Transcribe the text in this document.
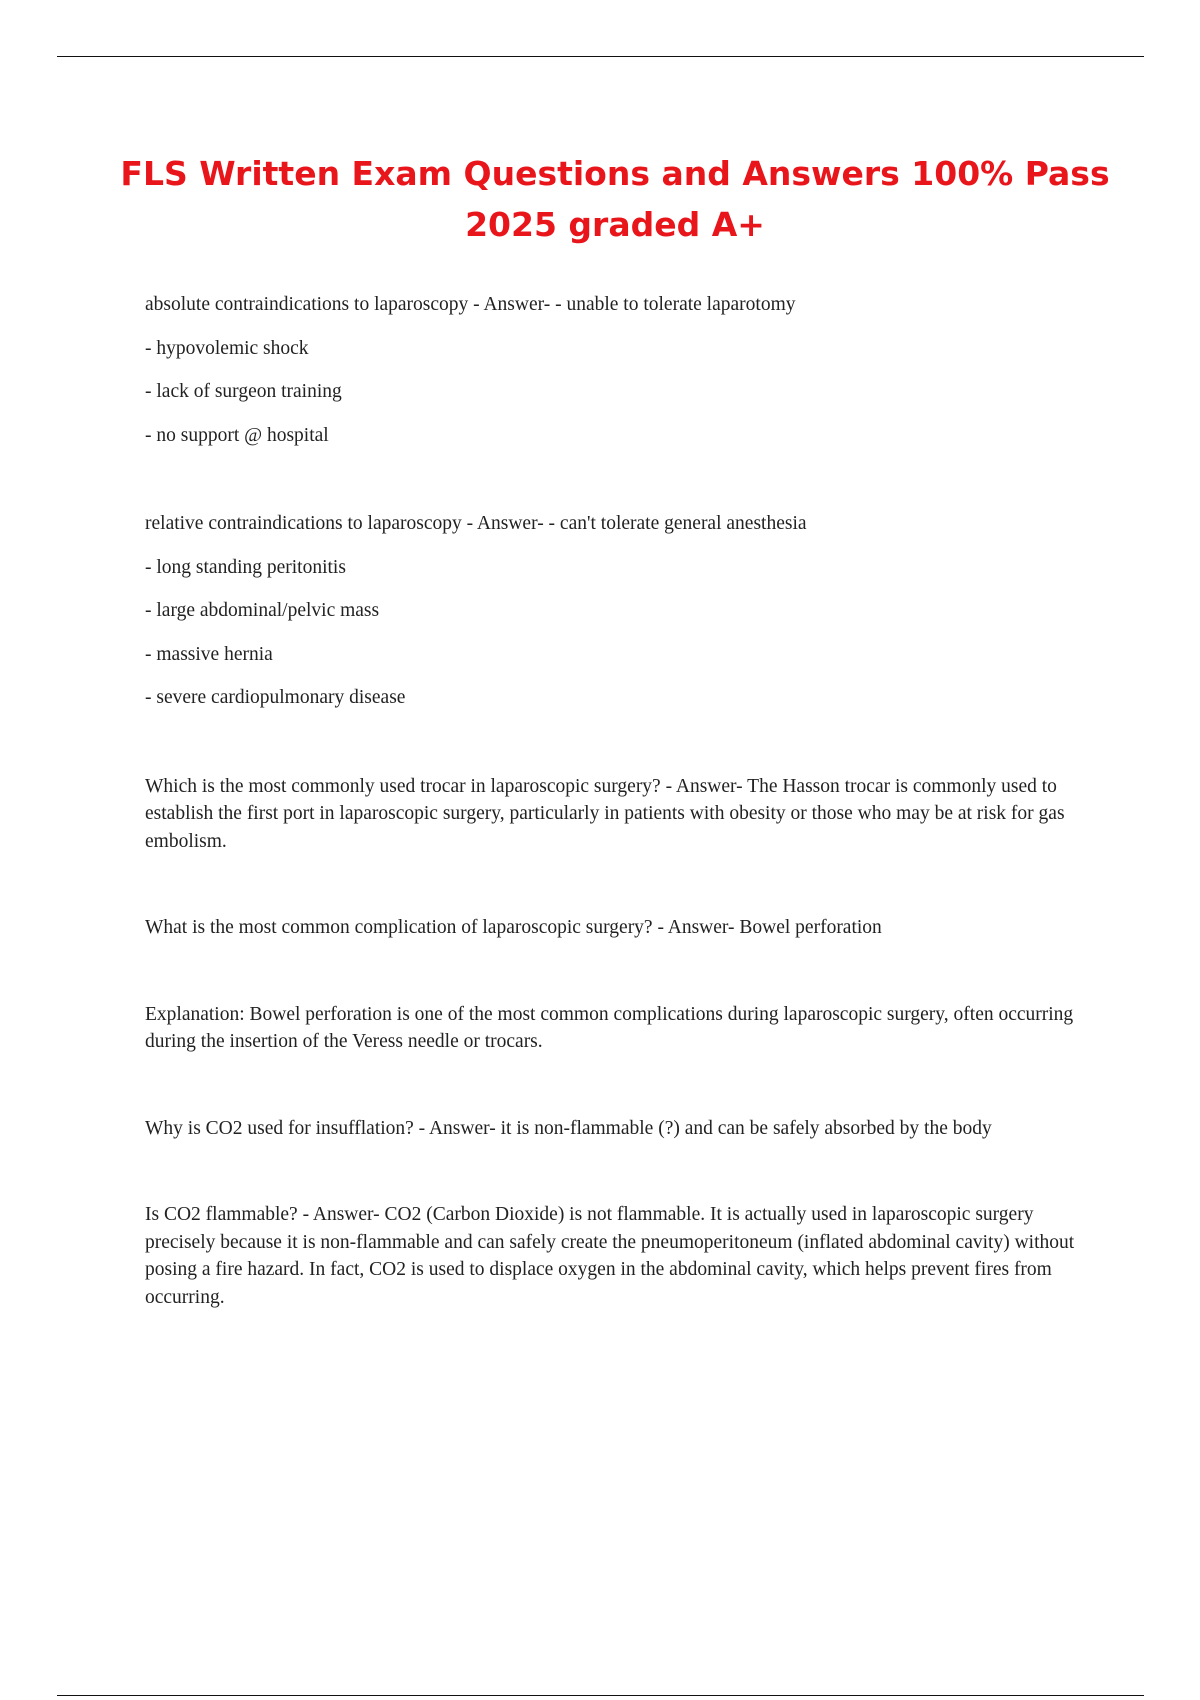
FLS Written Exam Questions and Answers 100% Pass 2025 graded A+

absolute contraindications to laparoscopy - Answer- - unable to tolerate laparotomy

- hypovolemic shock

- lack of surgeon training

- no support @ hospital

relative contraindications to laparoscopy - Answer- - can't tolerate general anesthesia

- long standing peritonitis

- large abdominal/pelvic mass

- massive hernia

- severe cardiopulmonary disease

Which is the most commonly used trocar in laparoscopic surgery? - Answer- The Hasson trocar is commonly used to establish the first port in laparoscopic surgery, particularly in patients with obesity or those who may be at risk for gas embolism.

What is the most common complication of laparoscopic surgery? - Answer- Bowel perforation

Explanation: Bowel perforation is one of the most common complications during laparoscopic surgery, often occurring during the insertion of the Veress needle or trocars.

Why is CO2 used for insufflation? - Answer- it is non-flammable (?) and can be safely absorbed by the body

Is CO2 flammable? - Answer- CO2 (Carbon Dioxide) is not flammable. It is actually used in laparoscopic surgery precisely because it is non-flammable and can safely create the pneumoperitoneum (inflated abdominal cavity) without posing a fire hazard. In fact, CO2 is used to displace oxygen in the abdominal cavity, which helps prevent fires from occurring.
